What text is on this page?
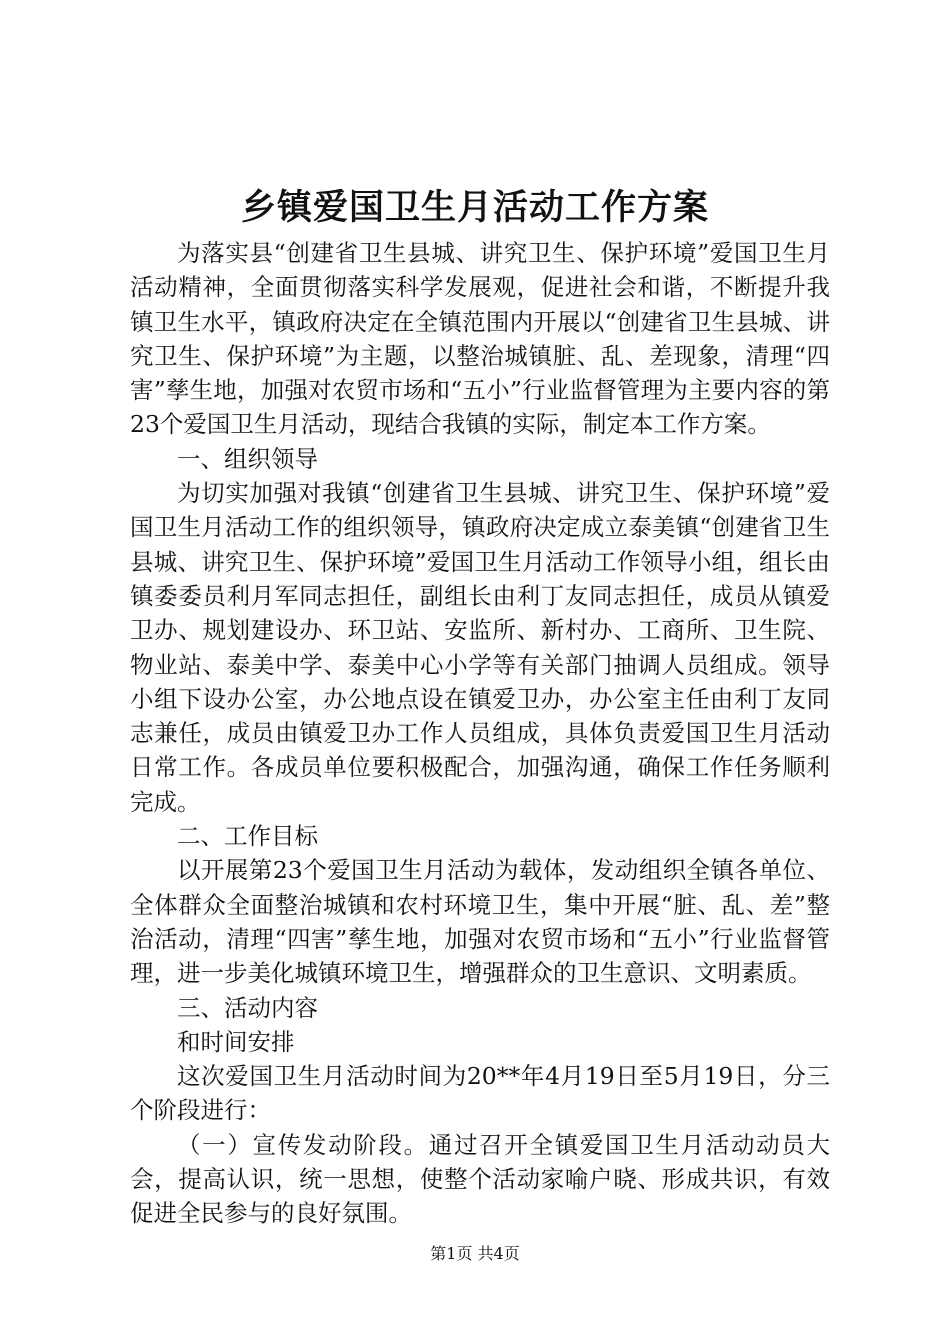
乡镇爱国卫生月活动工作方案

为落实县“创建省卫生县城、讲究卫生、保护环境”爱国卫生月活动精神，全面贯彻落实科学发展观，促进社会和谐，不断提升我镇卫生水平，镇政府决定在全镇范围内开展以“创建省卫生县城、讲究卫生、保护环境”为主题，以整治城镇脏、乱、差现象，清理“四害”孳生地，加强对农贸市场和“五小”行业监督管理为主要内容的第23个爱国卫生月活动，现结合我镇的实际，制定本工作方案。

一、组织领导

为切实加强对我镇“创建省卫生县城、讲究卫生、保护环境”爱国卫生月活动工作的组织领导，镇政府决定成立泰美镇“创建省卫生县城、讲究卫生、保护环境”爱国卫生月活动工作领导小组，组长由镇委委员利月军同志担任，副组长由利丁友同志担任，成员从镇爱卫办、规划建设办、环卫站、安监所、新村办、工商所、卫生院、物业站、泰美中学、泰美中心小学等有关部门抽调人员组成。领导小组下设办公室，办公地点设在镇爱卫办，办公室主任由利丁友同志兼任，成员由镇爱卫办工作人员组成，具体负责爱国卫生月活动日常工作。各成员单位要积极配合，加强沟通，确保工作任务顺利完成。

二、工作目标

以开展第23个爱国卫生月活动为载体，发动组织全镇各单位、全体群众全面整治城镇和农村环境卫生，集中开展“脏、乱、差”整治活动，清理“四害”孳生地，加强对农贸市场和“五小”行业监督管理，进一步美化城镇环境卫生，增强群众的卫生意识、文明素质。

三、活动内容

和时间安排

这次爱国卫生月活动时间为20**年4月19日至5月19日，分三个阶段进行：

（一）宣传发动阶段。通过召开全镇爱国卫生月活动动员大会，提高认识，统一思想，使整个活动家喻户晓、形成共识，有效促进全民参与的良好氛围。

第1页 共4页
